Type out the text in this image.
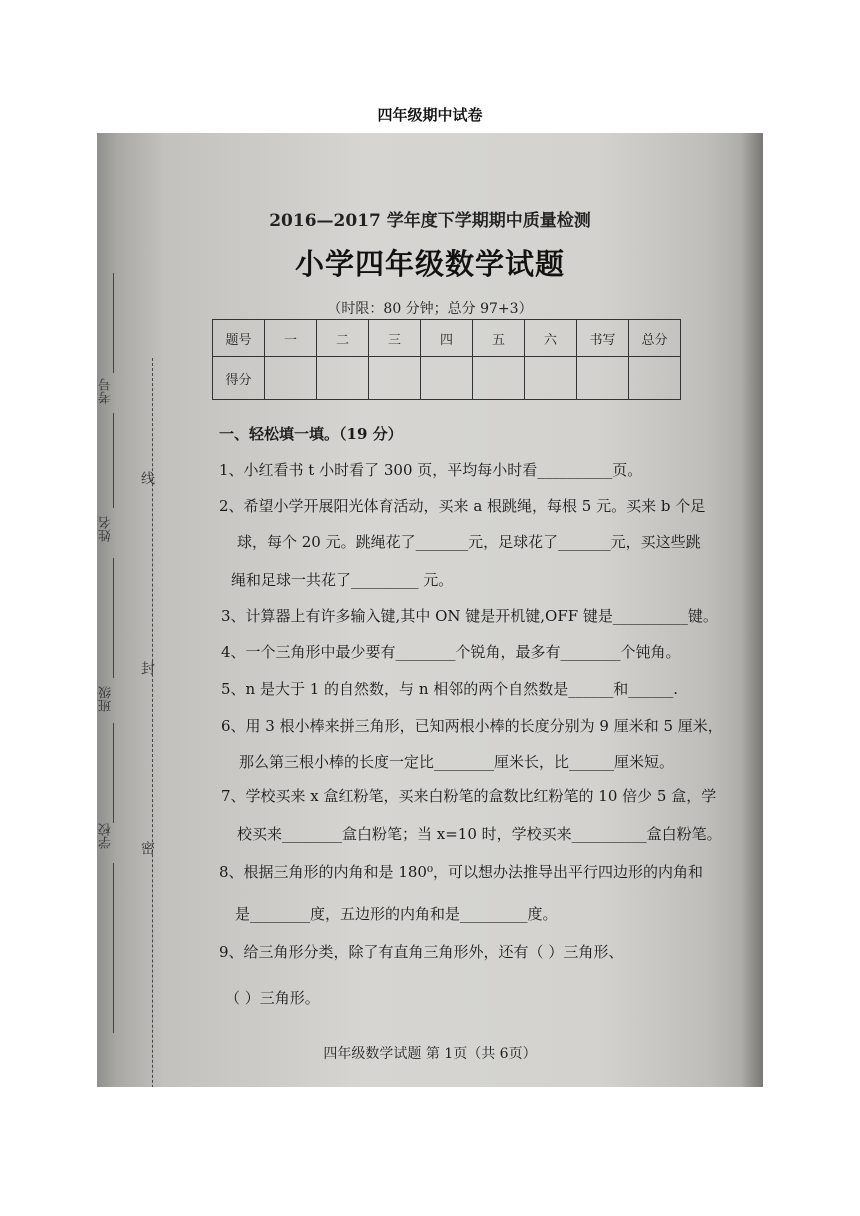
四年级期中试卷
考号
姓名
班级
学校
线
封
密
2016—2017 学年度下学期期中质量检测
小学四年级数学试题
（时限：80 分钟；总分 97+3）
题号	一	二	三	四	五	六	书写	总分
得分								
一、轻松填一填。（19 分）
1、小红看书 t 小时看了 300 页，平均每小时看__________页。
2、希望小学开展阳光体育活动，买来 a 根跳绳，每根 5 元。买来 b 个足
球，每个 20 元。跳绳花了_______元，足球花了_______元，买这些跳
绳和足球一共花了_________ 元。
3、计算器上有许多输入键,其中 ON 键是开机键,OFF 键是__________键。
4、一个三角形中最少要有________个锐角，最多有________个钝角。
5、n 是大于 1 的自然数，与 n 相邻的两个自然数是______和______.
6、用 3 根小棒来拼三角形，已知两根小棒的长度分别为 9 厘米和 5 厘米，
那么第三根小棒的长度一定比________厘米长，比______厘米短。
7、学校买来 x 盒红粉笔，买来白粉笔的盒数比红粉笔的 10 倍少 5 盒，学
校买来________盒白粉笔；当 x=10 时，学校买来__________盒白粉笔。
8、根据三角形的内角和是 180⁰，可以想办法推导出平行四边形的内角和
是________度，五边形的内角和是_________度。
9、给三角形分类，除了有直角三角形外，还有（ ）三角形、
（ ）三角形。
四年级数学试题 第 1页（共 6页）
